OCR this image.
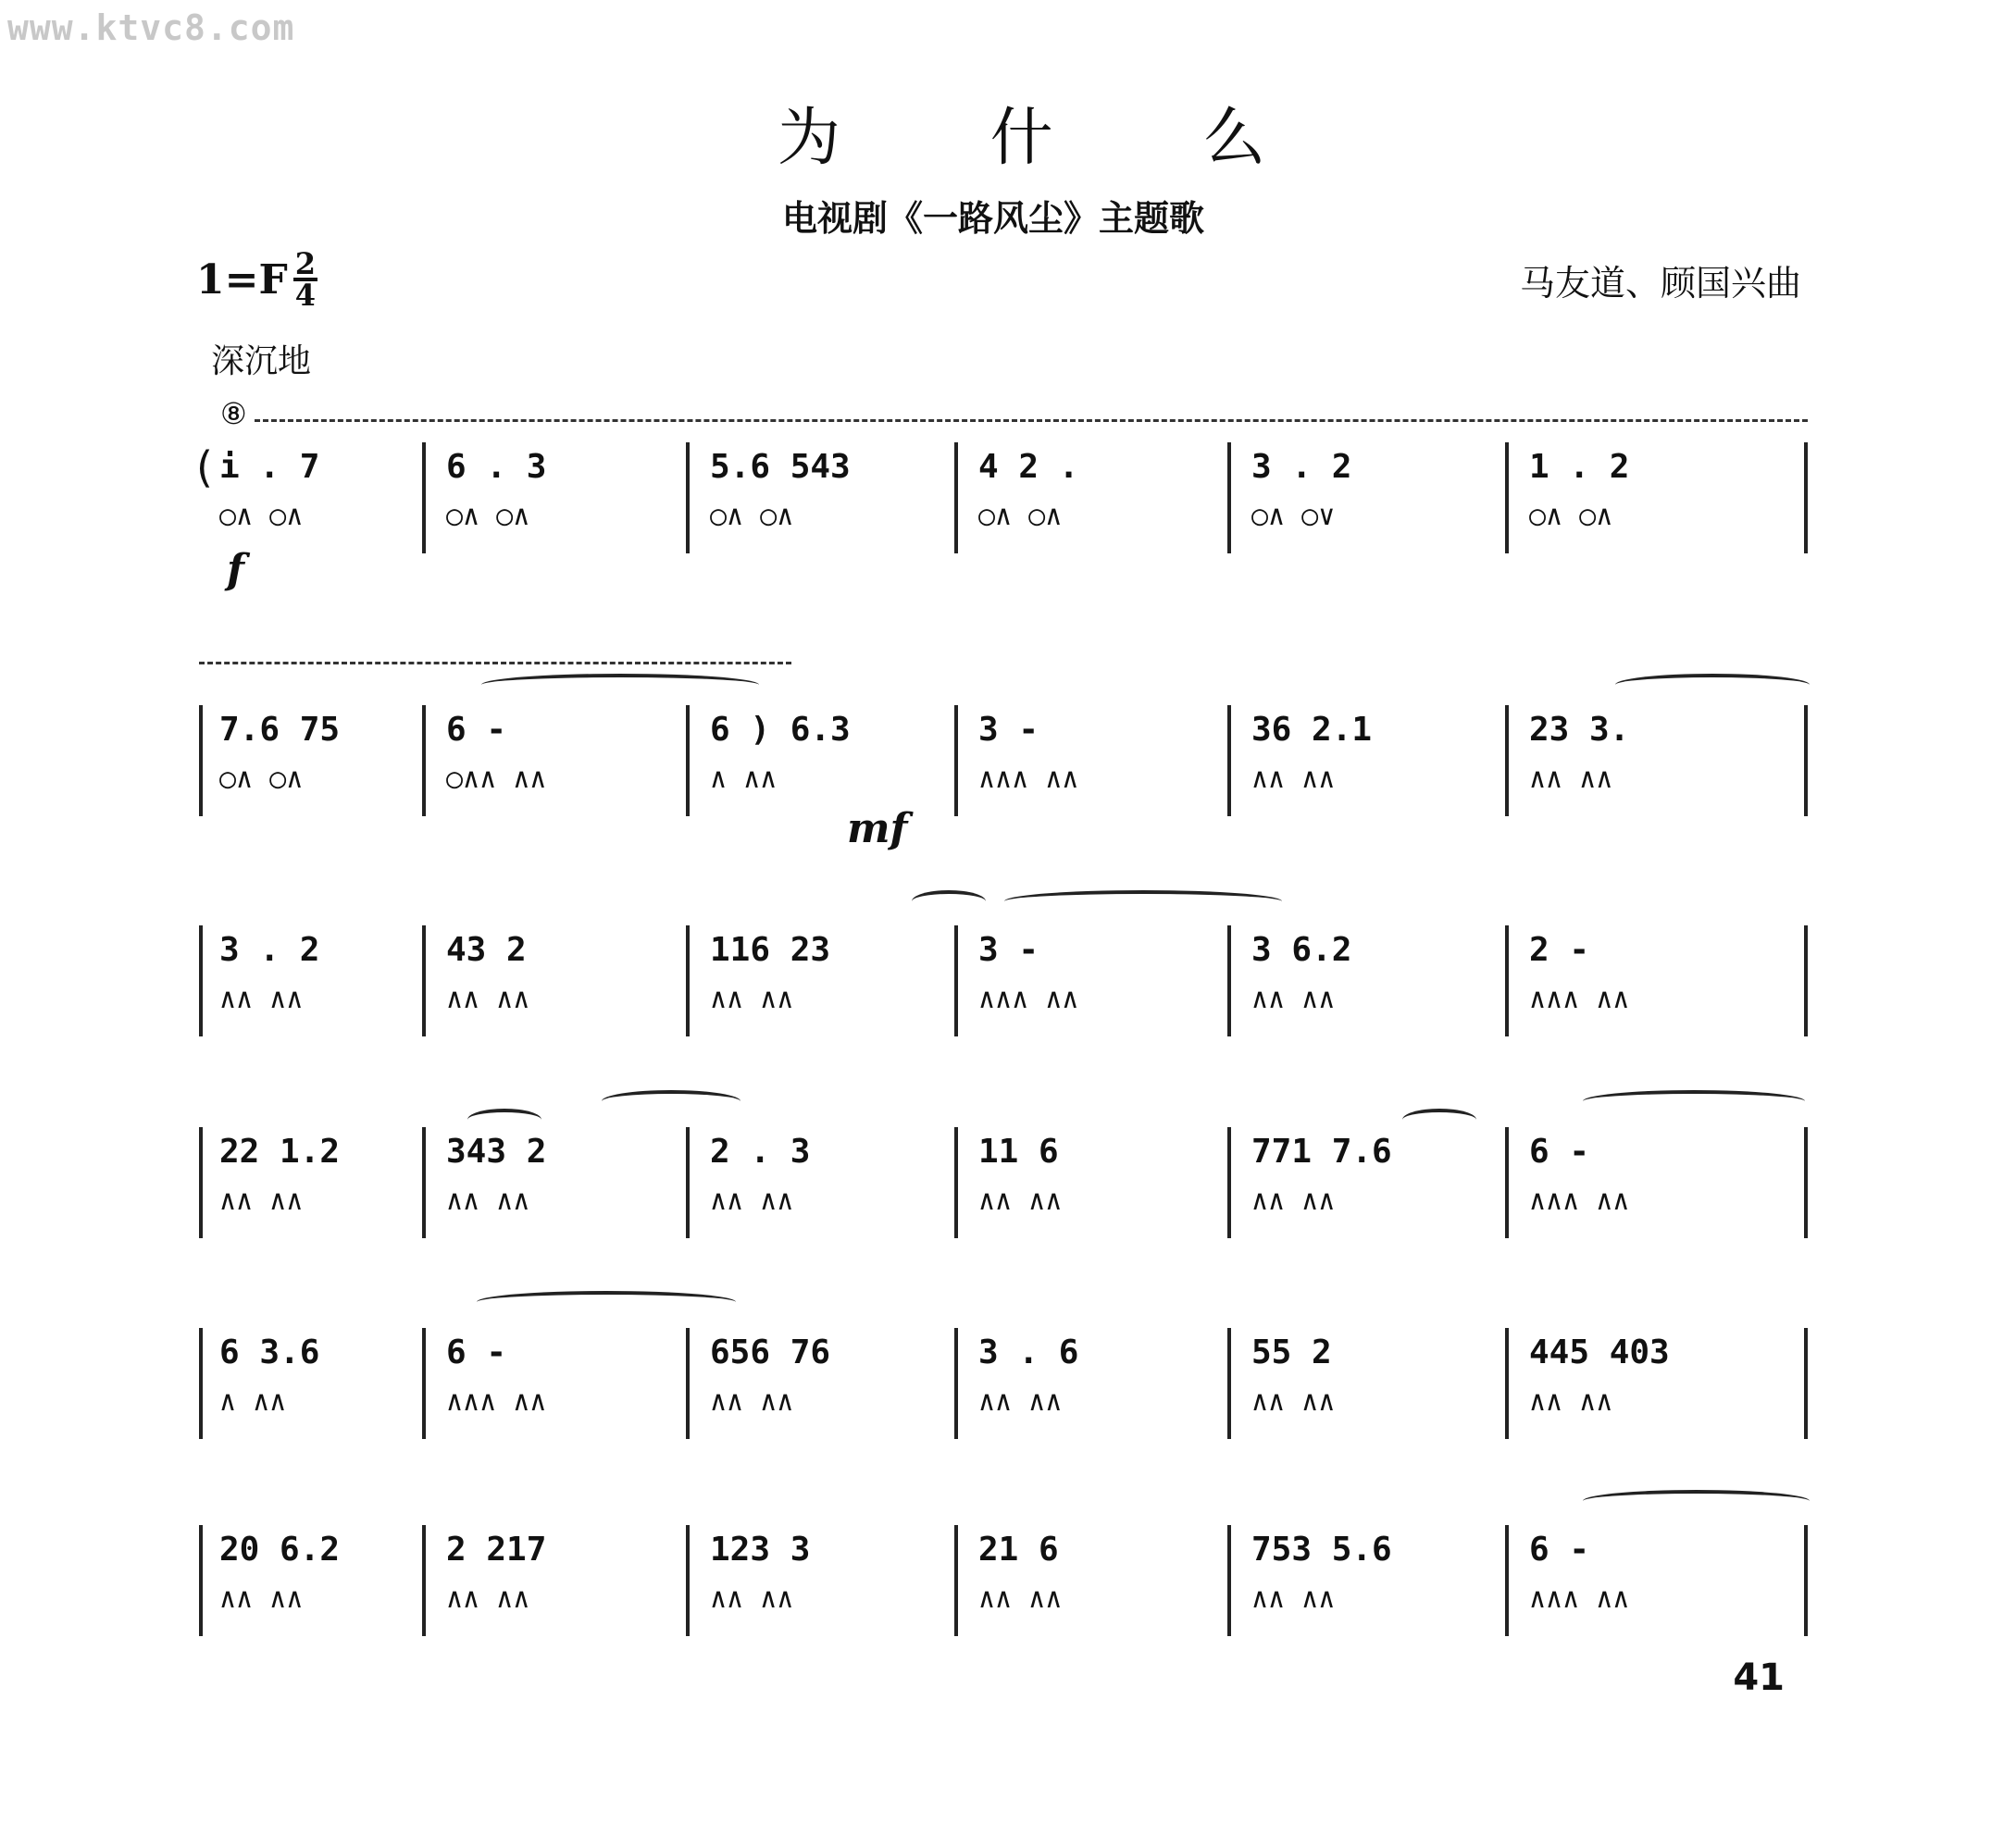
www.ktvc8.com
为 什 么
电视剧《一路风尘》主题歌
$1=F \frac{2}{4}$	马友道、顾国兴曲
深沉地
⑧
(
f
mf
i . 7
○∧ ○∧
6 . 3
○∧ ○∧
5.6 543
○∧ ○∧
4 2 .
○∧ ○∧
3 . 2
○∧ ○∨
1 . 2
○∧ ○∧
7.6 75
○∧ ○∧
6 -
○∧∧ ∧∧
6 ) 6.3
∧ ∧∧
3 -
∧∧∧ ∧∧
36 2.1
∧∧ ∧∧
23 3.
∧∧ ∧∧
3 . 2
∧∧ ∧∧
43 2
∧∧ ∧∧
116 23
∧∧ ∧∧
3 -
∧∧∧ ∧∧
3 6.2
∧∧ ∧∧
2 -
∧∧∧ ∧∧
22 1.2
∧∧ ∧∧
343 2
∧∧ ∧∧
2 . 3
∧∧ ∧∧
11 6
∧∧ ∧∧
771 7.6
∧∧ ∧∧
6 -
∧∧∧ ∧∧
6 3.6
∧ ∧∧
6 -
∧∧∧ ∧∧
656 76
∧∧ ∧∧
3 . 6
∧∧ ∧∧
55 2
∧∧ ∧∧
445 403
∧∧ ∧∧
20 6.2
∧∧ ∧∧
2 217
∧∧ ∧∧
123 3
∧∧ ∧∧
21 6
∧∧ ∧∧
753 5.6
∧∧ ∧∧
6 -
∧∧∧ ∧∧
41
